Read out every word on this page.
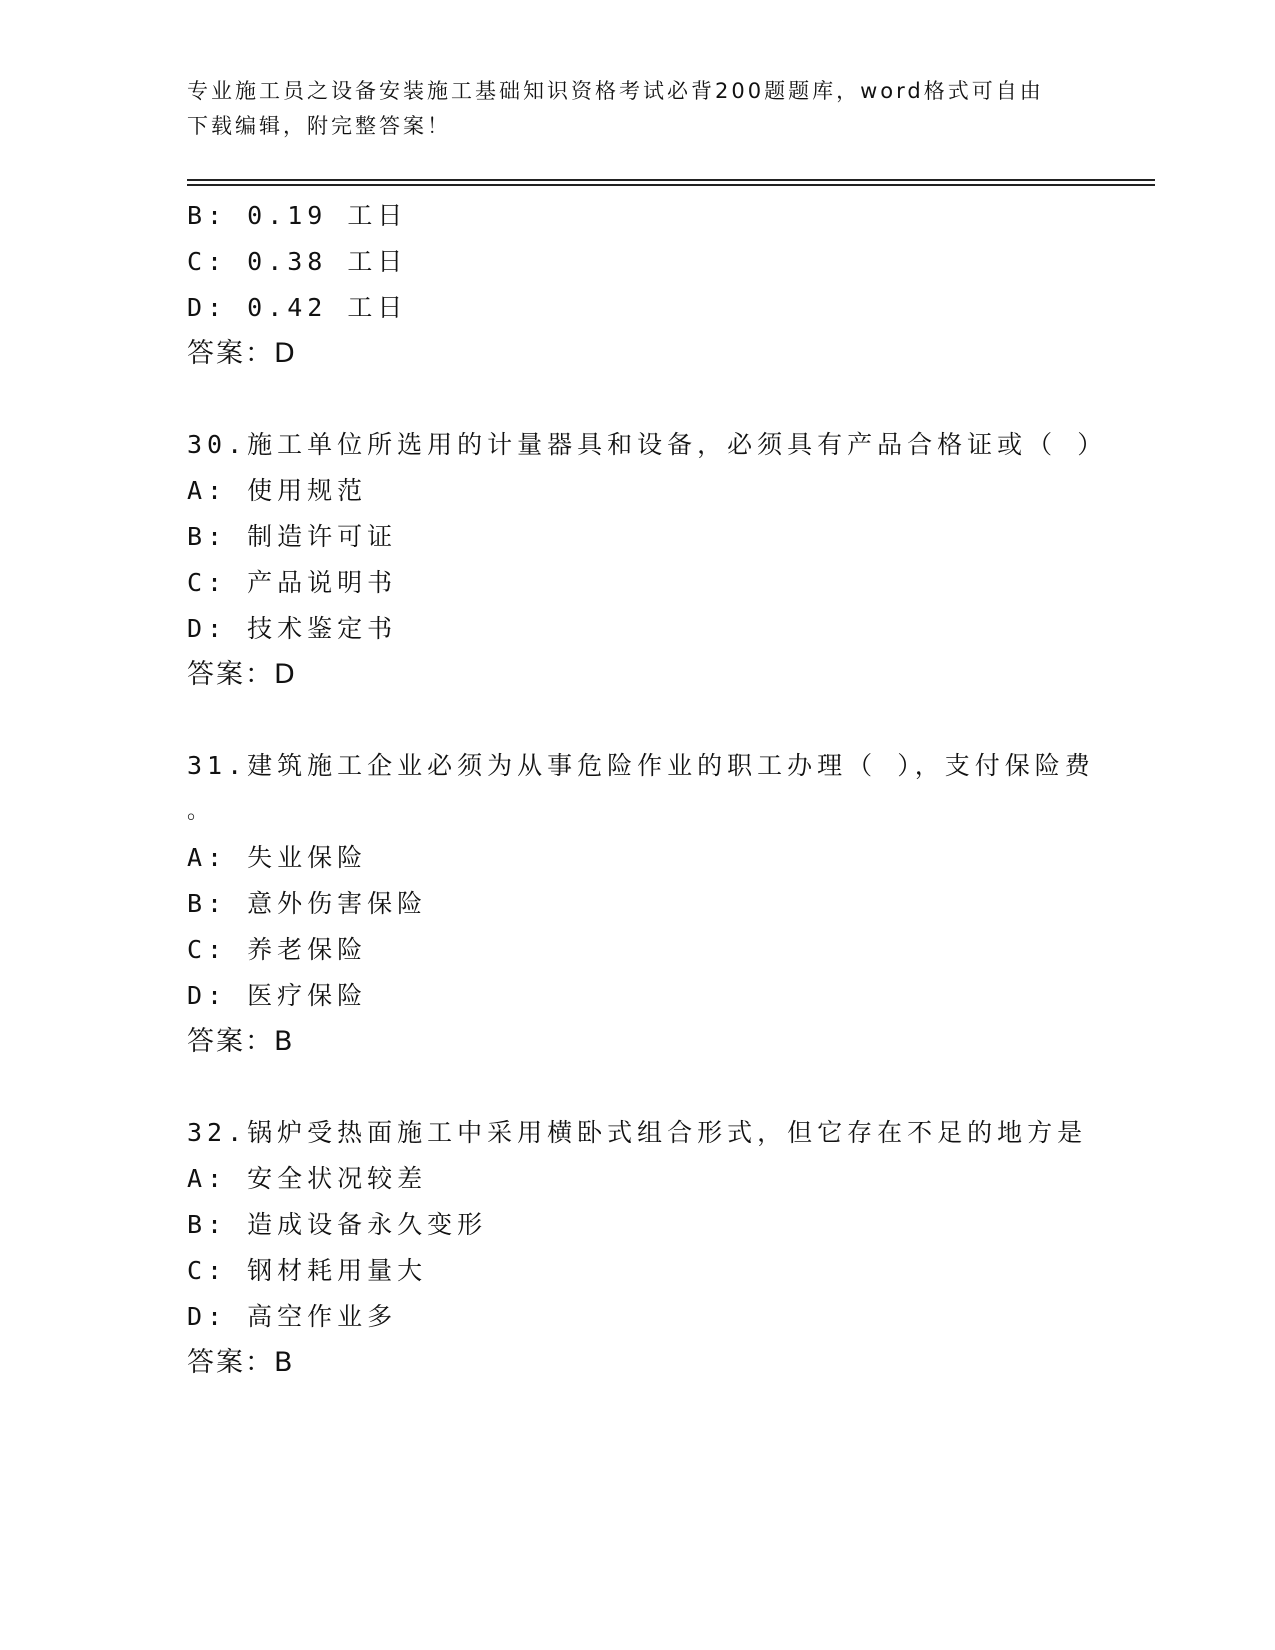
专业施工员之设备安装施工基础知识资格考试必背200题题库，word格式可自由
下载编辑，附完整答案！
B: 0.19 工日
C: 0.38 工日
D: 0.42 工日
答案：D
30.施工单位所选用的计量器具和设备，必须具有产品合格证或（ ）
A: 使用规范
B: 制造许可证
C: 产品说明书
D: 技术鉴定书
答案：D
31.建筑施工企业必须为从事危险作业的职工办理（ ），支付保险费
。
A: 失业保险
B: 意外伤害保险
C: 养老保险
D: 医疗保险
答案：B
32.锅炉受热面施工中采用横卧式组合形式，但它存在不足的地方是
A: 安全状况较差
B: 造成设备永久变形
C: 钢材耗用量大
D: 高空作业多
答案：B
